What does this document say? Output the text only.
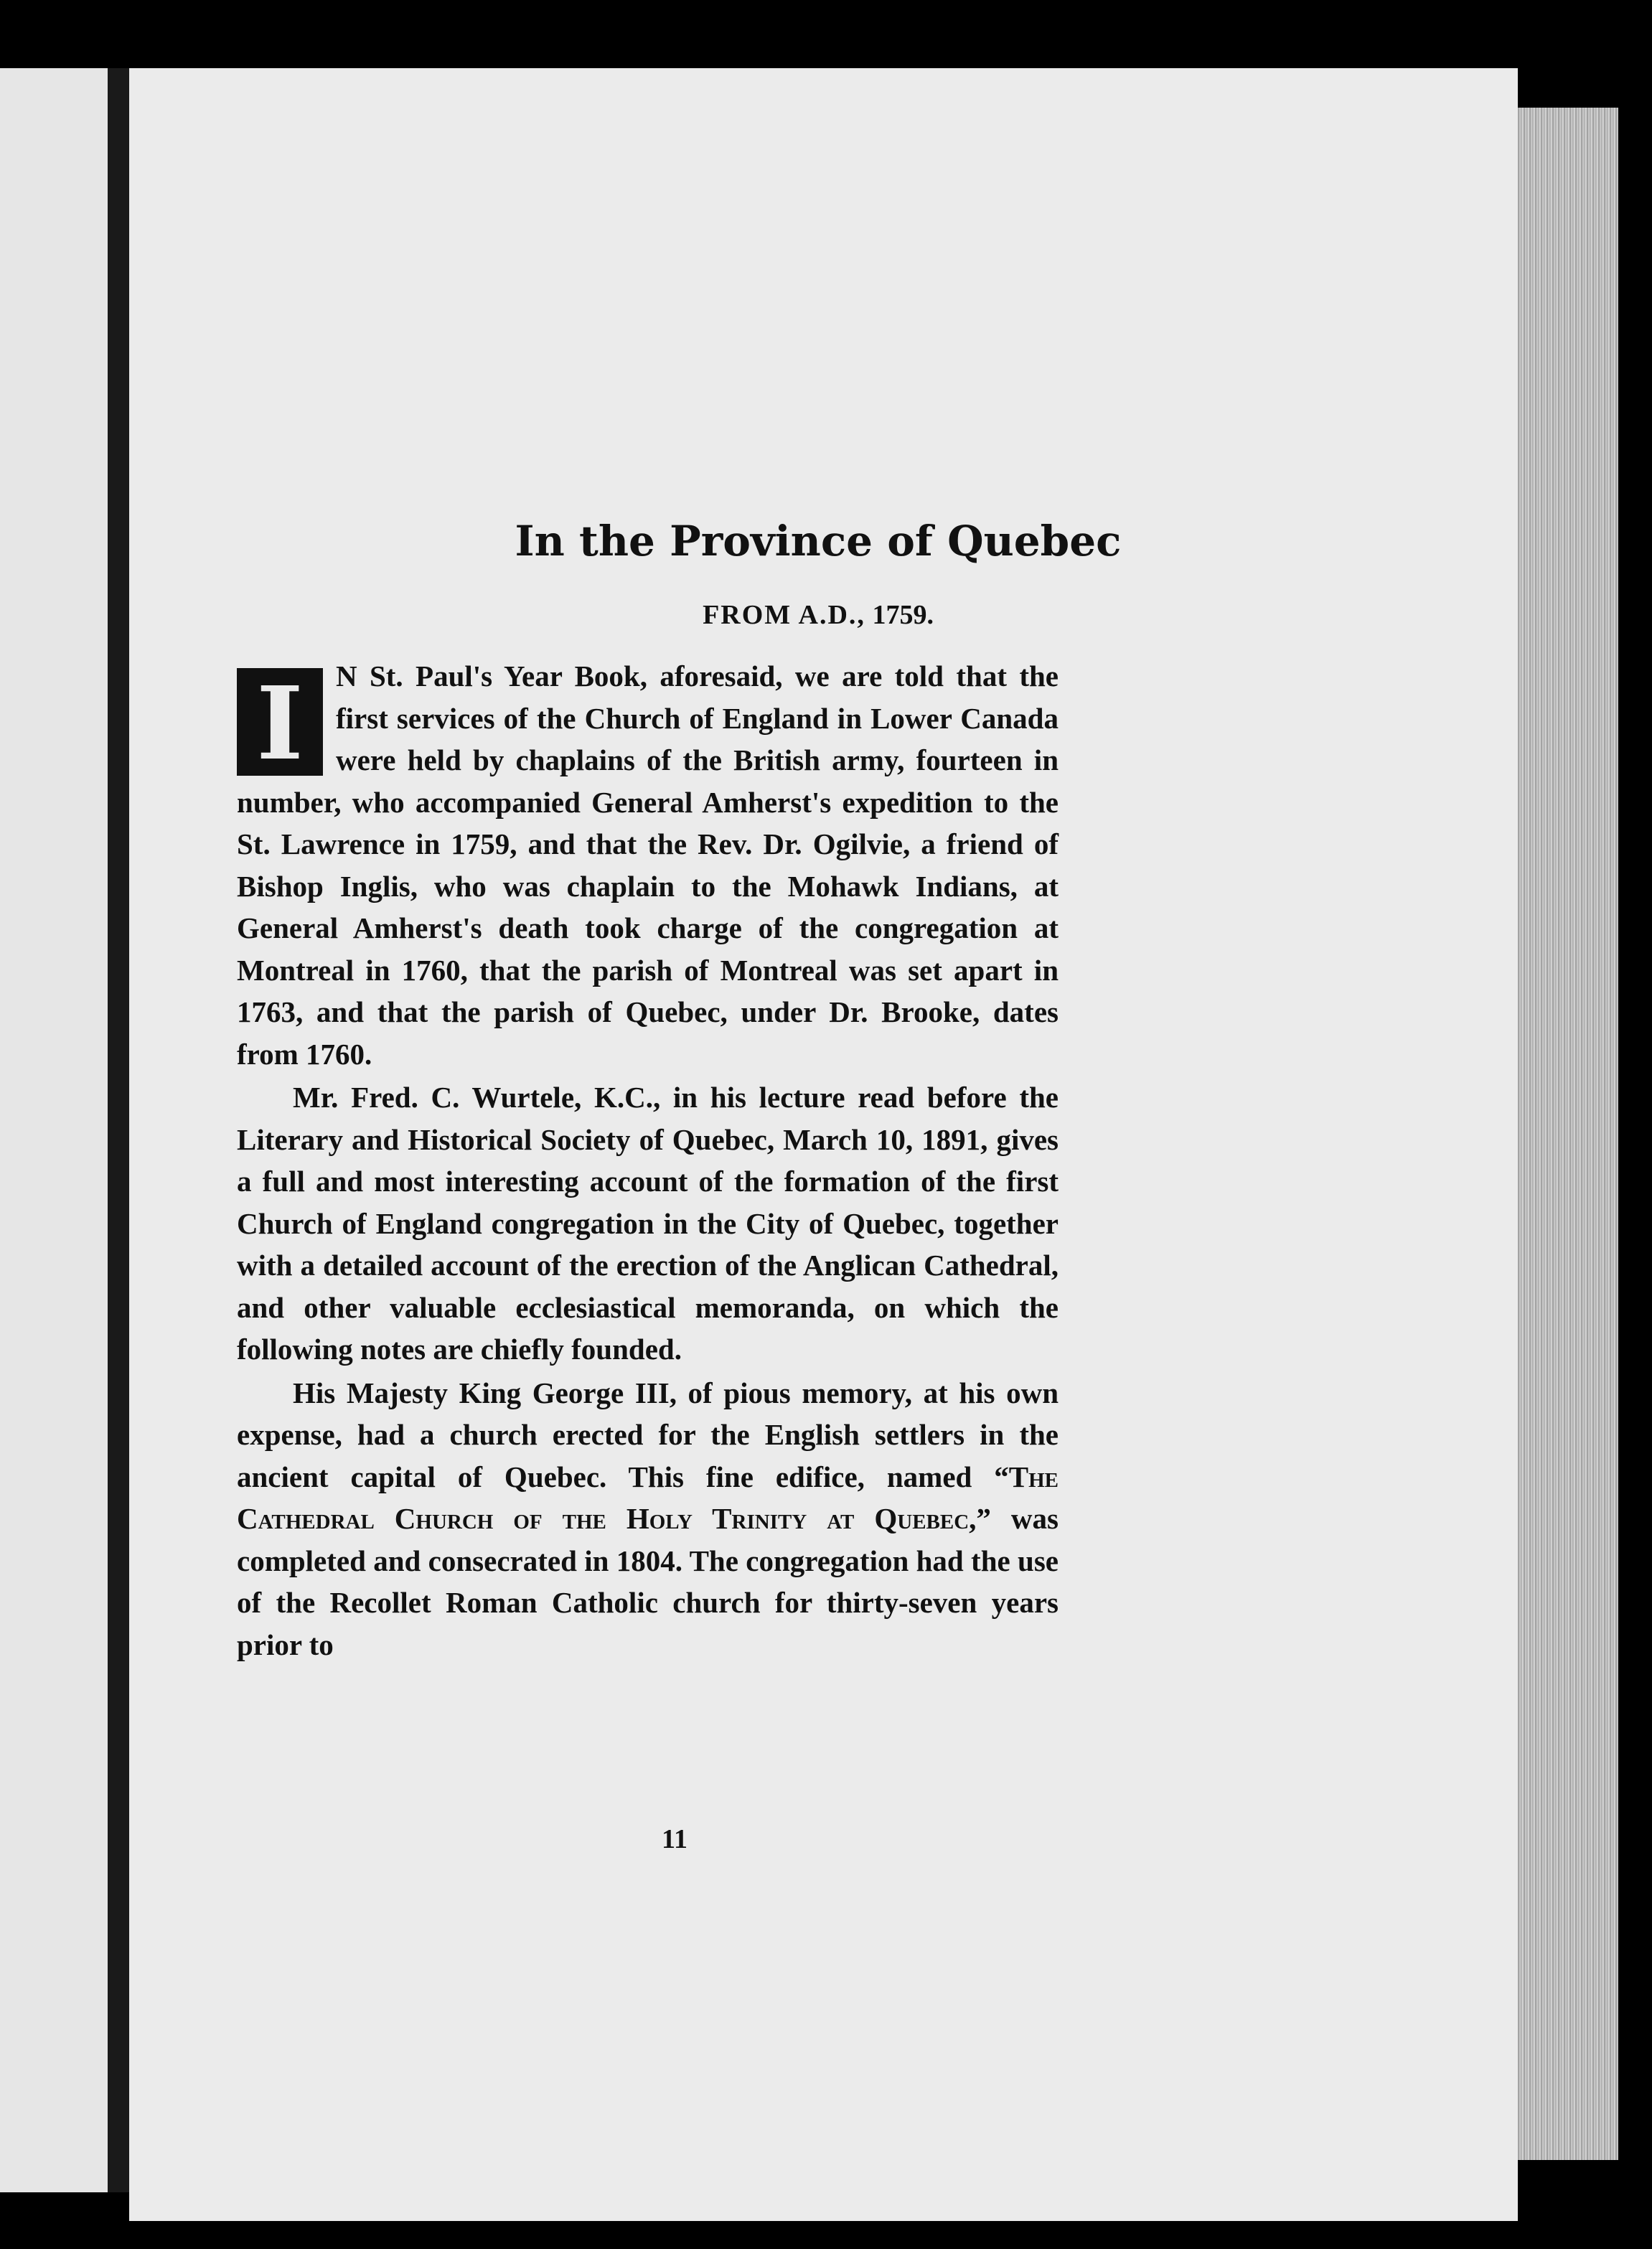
In the Province of Quebec
FROM A.D., 1759.

I	N St. Paul's Year Book, aforesaid, we are told that the first services of the Church of England in Lower Canada were held by chaplains of the British army, fourteen in number, who accompanied General Amherst's expedition to the St. Lawrence in 1759, and that the Rev. Dr. Ogilvie, a friend of Bishop Inglis, who was chaplain to the Mohawk Indians, at General Amherst's death took charge of the congregation at Montreal in 1760, that the parish of Montreal was set apart in 1763, and that the parish of Quebec, under Dr. Brooke, dates from 1760.

Mr. Fred. C. Wurtele, K.C., in his lecture read before the Literary and Historical Society of Quebec, March 10, 1891, gives a full and most interesting account of the formation of the first Church of England congregation in the City of Quebec, together with a detailed account of the erection of the Anglican Cathedral, and other valuable ecclesiastical memoranda, on which the following notes are chiefly founded.

His Majesty King George III, of pious memory, at his own expense, had a church erected for the English settlers in the ancient capital of Quebec. This fine edifice, named “The Cathedral Church of the Holy Trinity at Quebec,” was completed and consecrated in 1804. The congregation had the use of the Recollet Roman Catholic church for thirty-seven years prior to

11
